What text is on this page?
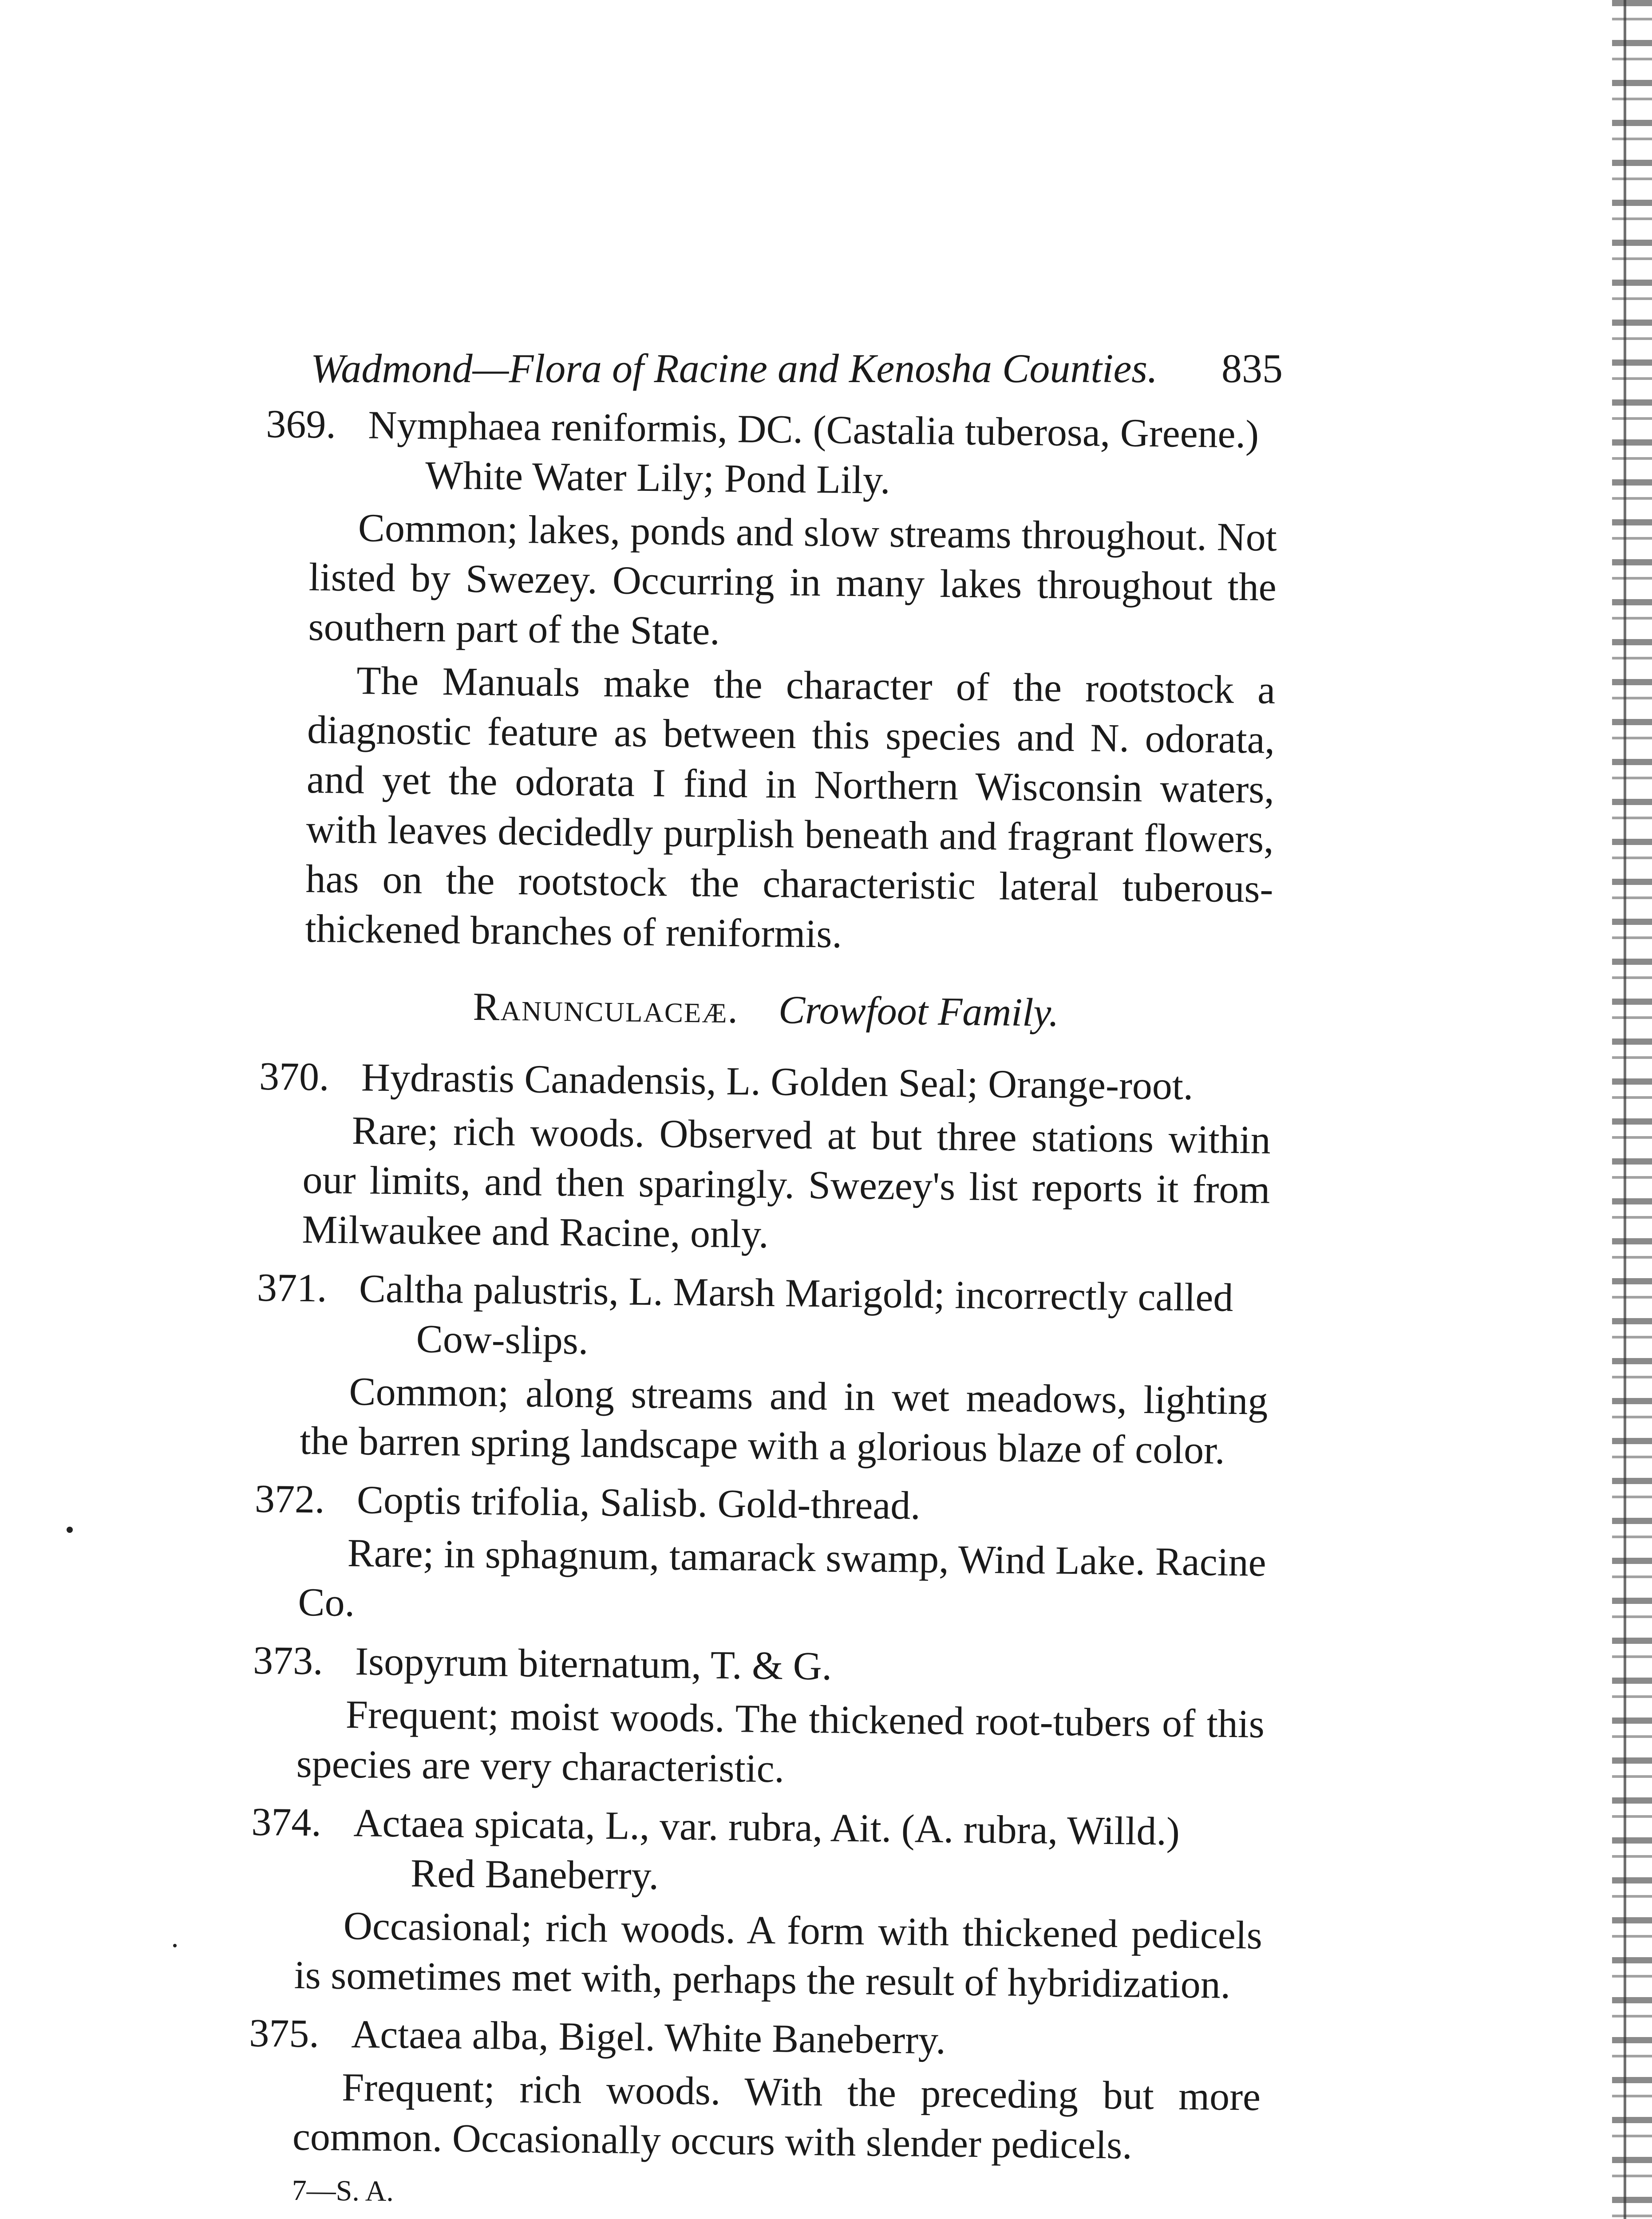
Wadmond—Flora of Racine and Kenosha Counties. 835
369. Nymphaea reniformis, DC. (Castalia tuberosa, Greene.)
White Water Lily; Pond Lily.

Common; lakes, ponds and slow streams throughout. Not listed by Swezey. Occurring in many lakes throughout the southern part of the State.

The Manuals make the character of the rootstock a diagnostic feature as between this species and N. odorata, and yet the odorata I find in Northern Wisconsin waters, with leaves decidedly purplish beneath and fragrant flowers, has on the rootstock the characteristic lateral tuberous-thickened branches of reniformis.

Ranunculaceæ. Crowfoot Family.
370. Hydrastis Canadensis, L. Golden Seal; Orange-root.

Rare; rich woods. Observed at but three stations within our limits, and then sparingly. Swezey's list reports it from Milwaukee and Racine, only.

371. Caltha palustris, L. Marsh Marigold; incorrectly called
Cow-slips.

Common; along streams and in wet meadows, lighting the barren spring landscape with a glorious blaze of color.

372. Coptis trifolia, Salisb. Gold-thread.

Rare; in sphagnum, tamarack swamp, Wind Lake. Racine Co.

373. Isopyrum biternatum, T. & G.

Frequent; moist woods. The thickened root-tubers of this species are very characteristic.

374. Actaea spicata, L., var. rubra, Ait. (A. rubra, Willd.)
Red Baneberry.

Occasional; rich woods. A form with thickened pedicels is sometimes met with, perhaps the result of hybridization.

375. Actaea alba, Bigel. White Baneberry.

Frequent; rich woods. With the preceding but more common. Occasionally occurs with slender pedicels.

7—S. A.
